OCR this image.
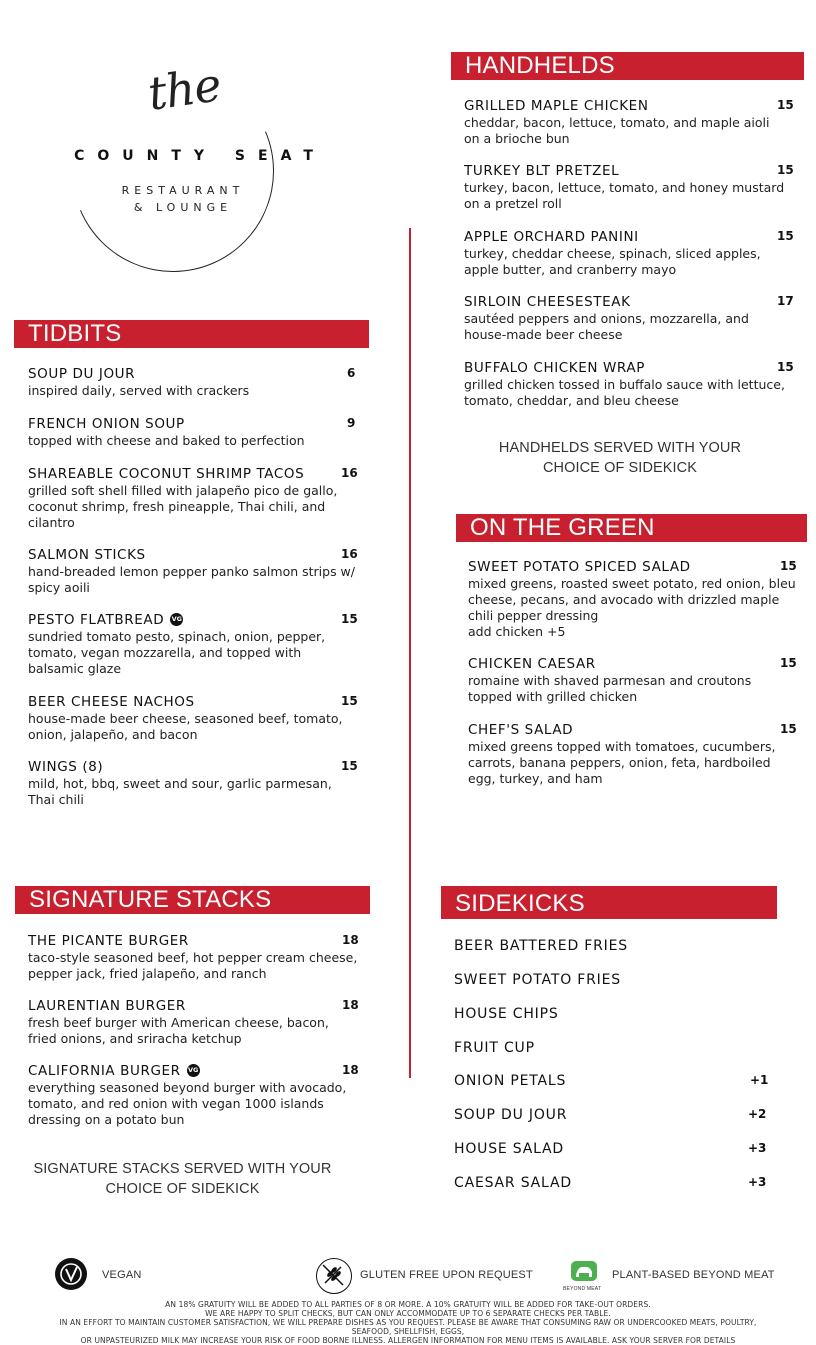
the
COUNTY SEAT
RESTAURANT
& LOUNGE
TIDBITS
SOUP DU JOUR
inspired daily, served with crackers
6
FRENCH ONION SOUP
topped with cheese and baked to perfection
9
SHAREABLE COCONUT SHRIMP TACOS
grilled soft shell filled with jalapeño pico de gallo, coconut shrimp, fresh pineapple, Thai chili, and cilantro
16
SALMON STICKS
hand-breaded lemon pepper panko salmon strips w/ spicy aoili
16
PESTO FLATBREAD VG
sundried tomato pesto, spinach, onion, pepper, tomato, vegan mozzarella, and topped with balsamic glaze
15
BEER CHEESE NACHOS
house-made beer cheese, seasoned beef, tomato, onion, jalapeño, and bacon
15
WINGS (8)
mild, hot, bbq, sweet and sour, garlic parmesan, Thai chili
15
HANDHELDS
GRILLED MAPLE CHICKEN
cheddar, bacon, lettuce, tomato, and maple aioli on a brioche bun
15
TURKEY BLT PRETZEL
turkey, bacon, lettuce, tomato, and honey mustard on a pretzel roll
15
APPLE ORCHARD PANINI
turkey, cheddar cheese, spinach, sliced apples, apple butter, and cranberry mayo
15
SIRLOIN CHEESESTEAK
sautéed peppers and onions, mozzarella, and house-made beer cheese
17
BUFFALO CHICKEN WRAP
grilled chicken tossed in buffalo sauce with lettuce, tomato, cheddar, and bleu cheese
15
HANDHELDS SERVED WITH YOUR
CHOICE OF SIDEKICK
ON THE GREEN
SWEET POTATO SPICED SALAD
mixed greens, roasted sweet potato, red onion, bleu cheese, pecans, and avocado with drizzled maple chili pepper dressing
add chicken +5
15
CHICKEN CAESAR
romaine with shaved parmesan and croutons topped with grilled chicken
15
CHEF'S SALAD
mixed greens topped with tomatoes, cucumbers, carrots, banana peppers, onion, feta, hardboiled egg, turkey, and ham
15
SIGNATURE STACKS
THE PICANTE BURGER
taco-style seasoned beef, hot pepper cream cheese, pepper jack, fried jalapeño, and ranch
18
LAURENTIAN BURGER
fresh beef burger with American cheese, bacon, fried onions, and sriracha ketchup
18
CALIFORNIA BURGER VG
everything seasoned beyond burger with avocado, tomato, and red onion with vegan 1000 islands dressing on a potato bun
18
SIGNATURE STACKS SERVED WITH YOUR
CHOICE OF SIDEKICK
SIDEKICKS
BEER BATTERED FRIES
SWEET POTATO FRIES
HOUSE CHIPS
FRUIT CUP
ONION PETALS	+1
SOUP DU JOUR	+2
HOUSE SALAD	+3
CAESAR SALAD	+3
VEGAN	GLUTEN FREE UPON REQUEST
BEYOND MEAT
PLANT-BASED BEYOND MEAT
AN 18% GRATUITY WILL BE ADDED TO ALL PARTIES OF 8 OR MORE. A 10% GRATUITY WILL BE ADDED FOR TAKE-OUT ORDERS.
WE ARE HAPPY TO SPLIT CHECKS, BUT CAN ONLY ACCOMMODATE UP TO 6 SEPARATE CHECKS PER TABLE.
IN AN EFFORT TO MAINTAIN CUSTOMER SATISFACTION, WE WILL PREPARE DISHES AS YOU REQUEST. PLEASE BE AWARE THAT CONSUMING RAW OR UNDERCOOKED MEATS, POULTRY, SEAFOOD, SHELLFISH, EGGS,
OR UNPASTEURIZED MILK MAY INCREASE YOUR RISK OF FOOD BORNE ILLNESS. ALLERGEN INFORMATION FOR MENU ITEMS IS AVAILABLE. ASK YOUR SERVER FOR DETAILS
